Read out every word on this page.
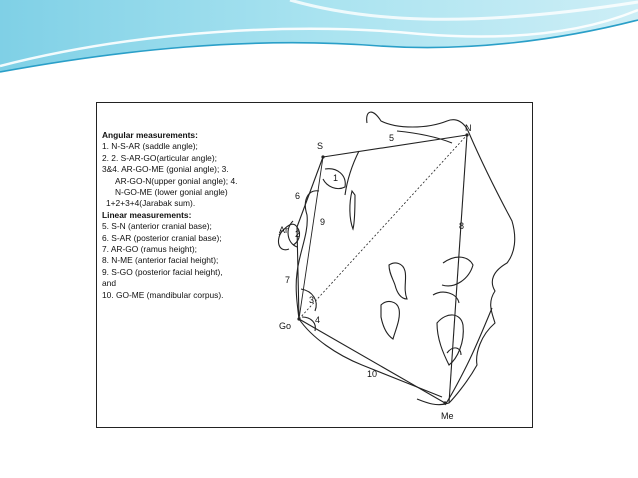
Angular measurements:
1. N-S-AR (saddle angle);
2. 2. S-AR-GO(articular angle);
3&4. AR-GO-ME (gonial angle); 3.
AR-GO-N(upper gonial angle); 4.
N-GO-ME (lower gonial angle)
1+2+3+4(Jarabak sum).
Linear measurements:
5. S-N (anterior cranial base);
6. S-AR (posterior cranial base);
7. AR-GO (ramus height);
8. N-ME (anterior facial height);
9. S-GO (posterior facial height),
and
10. GO-ME (mandibular corpus).
S
N
Ar
Go
Me
1
2
3
4
5
6
7
8
9
10
